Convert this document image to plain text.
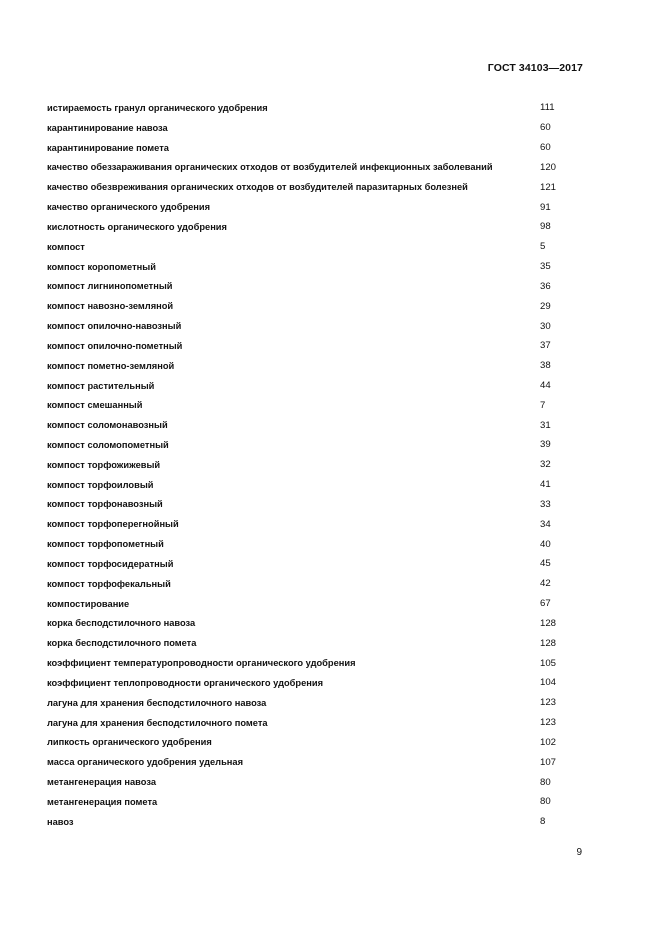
ГОСТ 34103—2017
истираемость гранул органического удобрения	111
карантинирование навоза	60
карантинирование помета	60
качество обеззараживания органических отходов от возбудителей инфекционных заболеваний	120
качество обезвреживания органических отходов от возбудителей паразитарных болезней	121
качество органического удобрения	91
кислотность органического удобрения	98
компост	5
компост коропометный	35
компост лигнинопометный	36
компост навозно-земляной	29
компост опилочно-навозный	30
компост опилочно-пометный	37
компост пометно-земляной	38
компост растительный	44
компост смешанный	7
компост соломонавозный	31
компост соломопометный	39
компост торфожижевый	32
компост торфоиловый	41
компост торфонавозный	33
компост торфоперегнойный	34
компост торфопометный	40
компост торфосидератный	45
компост торфофекальный	42
компостирование	67
корка бесподстилочного навоза	128
корка бесподстилочного помета	128
коэффициент температуропроводности органического удобрения	105
коэффициент теплопроводности органического удобрения	104
лагуна для хранения бесподстилочного навоза	123
лагуна для хранения бесподстилочного помета	123
липкость органического удобрения	102
масса органического удобрения удельная	107
метангенерация навоза	80
метангенерация помета	80
навоз	8
9
